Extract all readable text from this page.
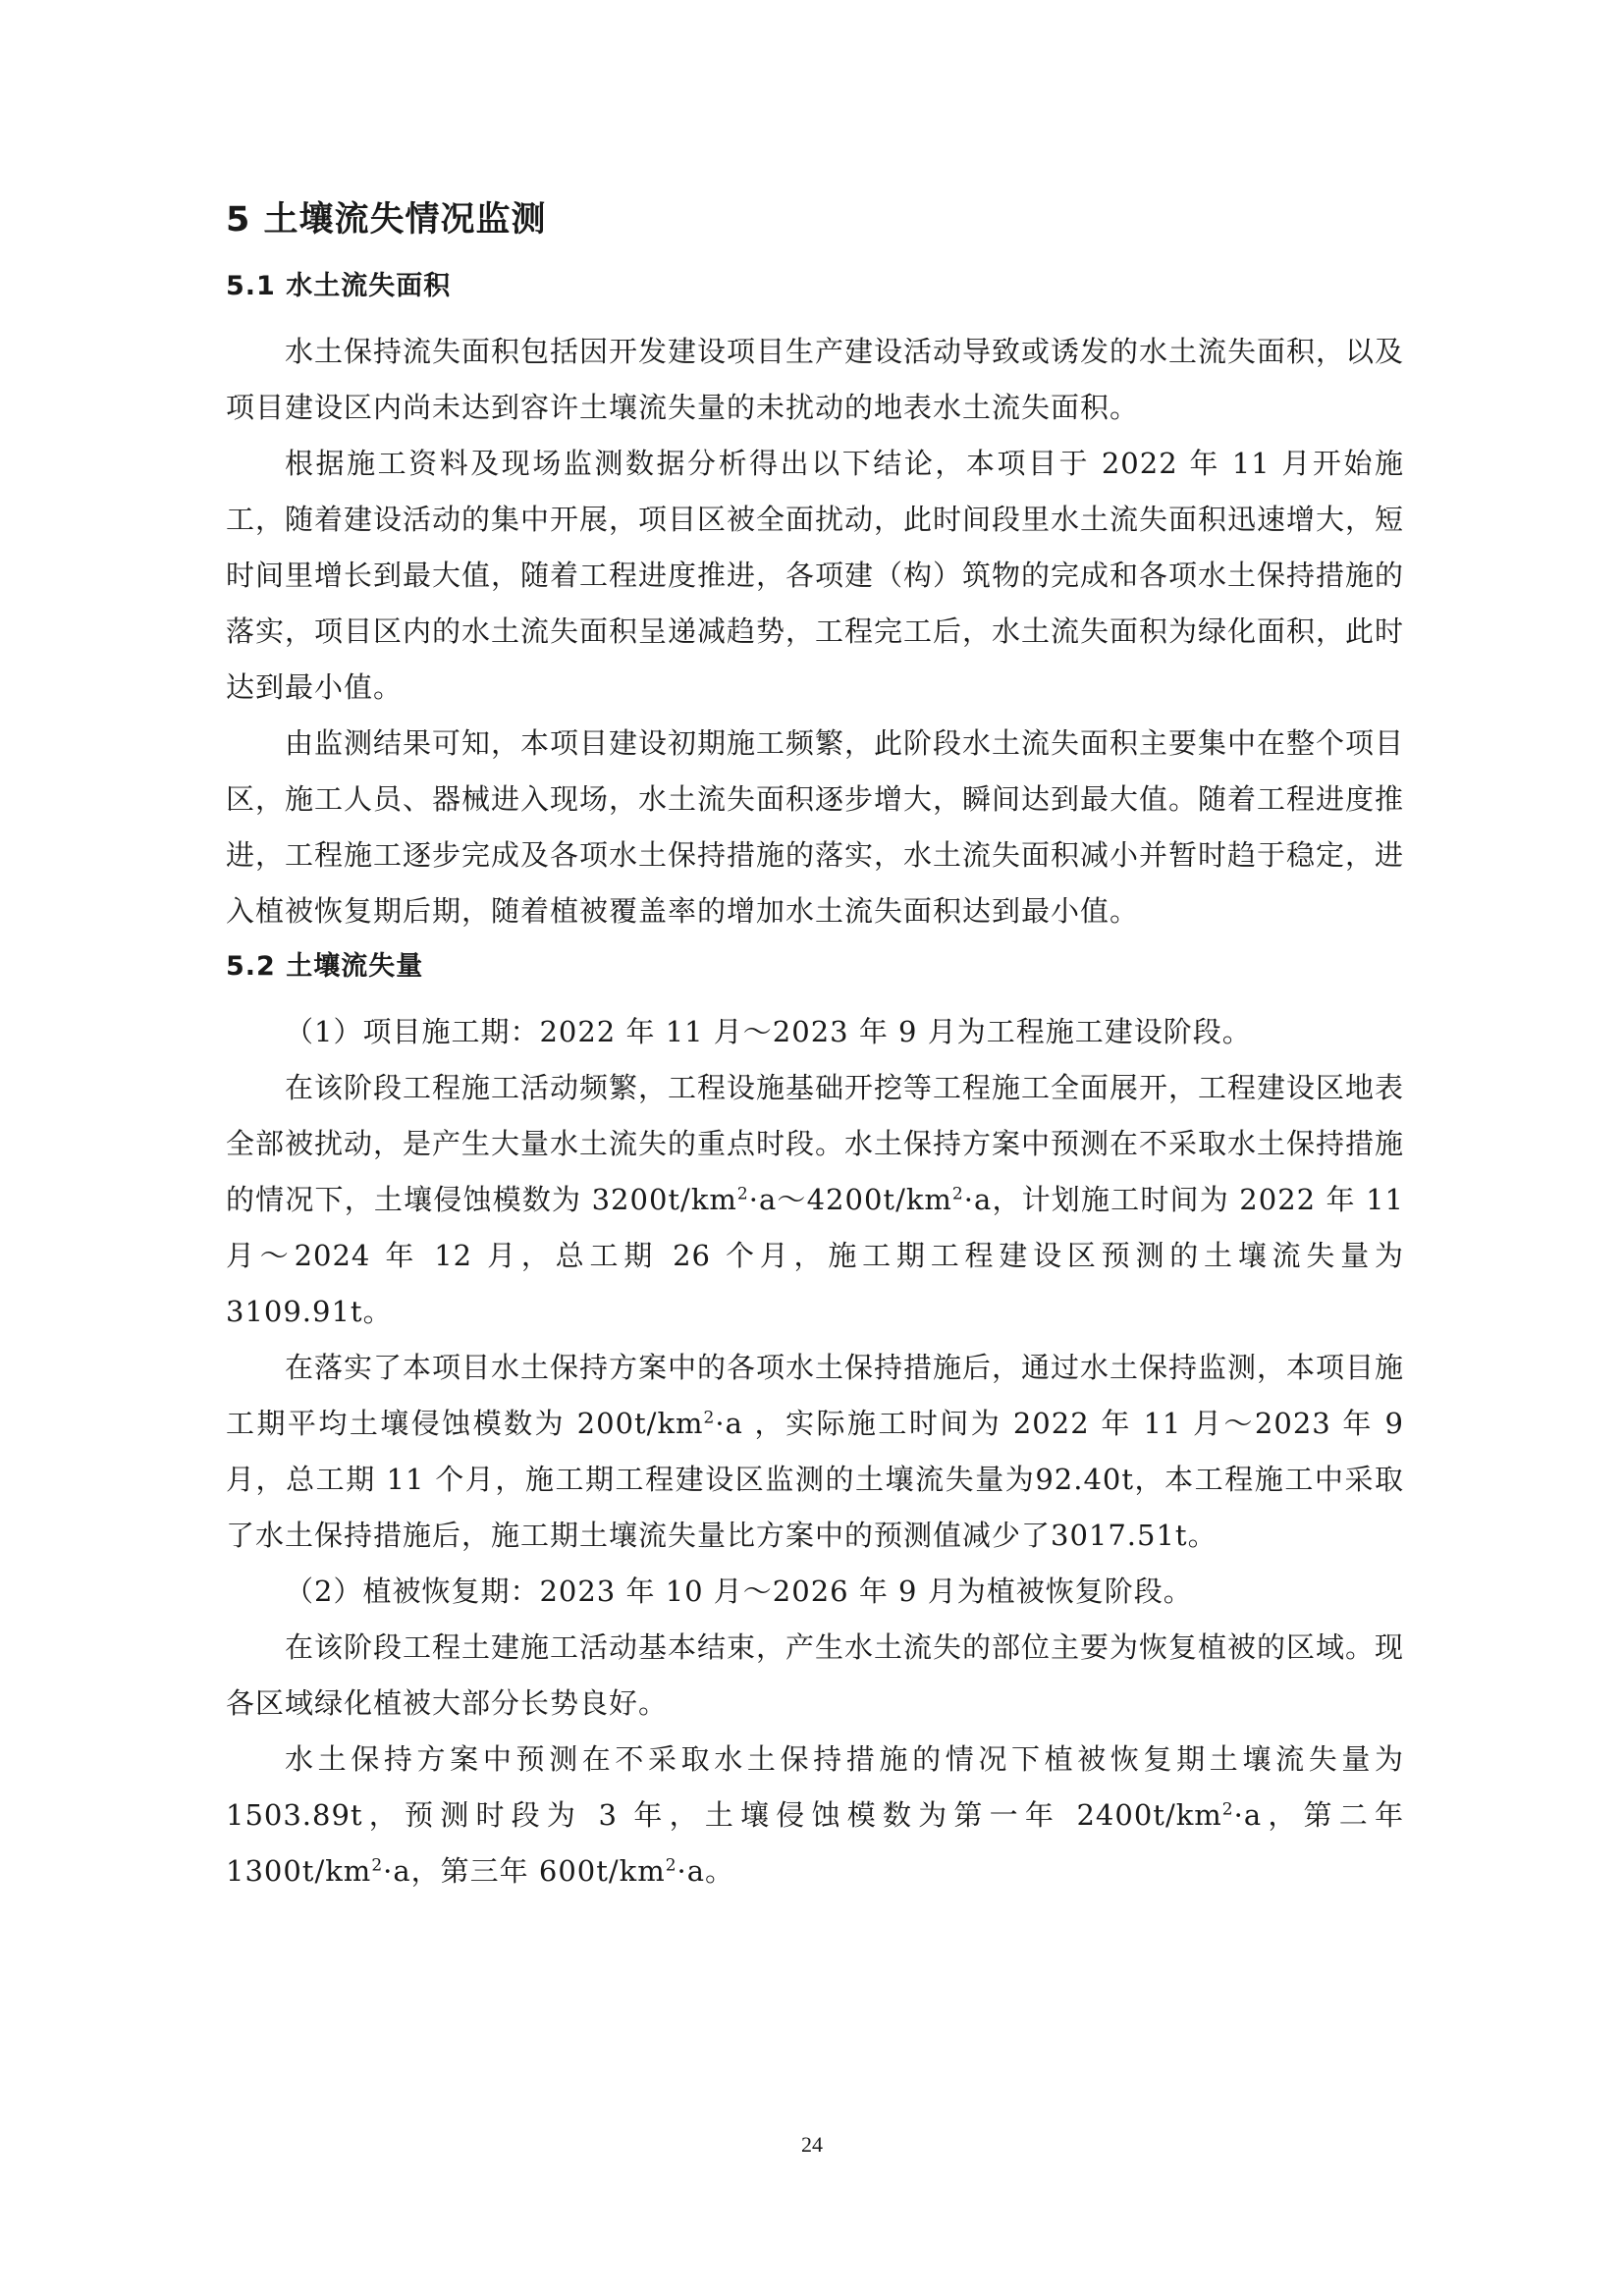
5 土壤流失情况监测
5.1 水土流失面积

水土保持流失面积包括因开发建设项目生产建设活动导致或诱发的水土流失面积，以及项目建设区内尚未达到容许土壤流失量的未扰动的地表水土流失面积。

根据施工资料及现场监测数据分析得出以下结论，本项目于 2022 年 11 月开始施工，随着建设活动的集中开展，项目区被全面扰动，此时间段里水土流失面积迅速增大，短时间里增长到最大值，随着工程进度推进，各项建（构）筑物的完成和各项水土保持措施的落实，项目区内的水土流失面积呈递减趋势，工程完工后，水土流失面积为绿化面积，此时达到最小值。

由监测结果可知，本项目建设初期施工频繁，此阶段水土流失面积主要集中在整个项目区，施工人员、器械进入现场，水土流失面积逐步增大，瞬间达到最大值。随着工程进度推进，工程施工逐步完成及各项水土保持措施的落实，水土流失面积减小并暂时趋于稳定，进入植被恢复期后期，随着植被覆盖率的增加水土流失面积达到最小值。

5.2 土壤流失量

（1）项目施工期：2022 年 11 月～2023 年 9 月为工程施工建设阶段。

在该阶段工程施工活动频繁，工程设施基础开挖等工程施工全面展开，工程建设区地表全部被扰动，是产生大量水土流失的重点时段。水土保持方案中预测在不采取水土保持措施的情况下，土壤侵蚀模数为 $3200t/km^2\cdot a\sim 4200t/km^2\cdot a$，计划施工时间为 2022 年 11 月～2024 年 12 月，总工期 26 个月，施工期工程建设区预测的土壤流失量为3109.91t。

在落实了本项目水土保持方案中的各项水土保持措施后，通过水土保持监测，本项目施工期平均土壤侵蚀模数为 $200t/km^2\cdot a$ ，实际施工时间为 2022 年 11 月～2023 年 9 月，总工期 11 个月，施工期工程建设区监测的土壤流失量为92.40t，本工程施工中采取了水土保持措施后，施工期土壤流失量比方案中的预测值减少了3017.51t。

（2）植被恢复期：2023 年 10 月～2026 年 9 月为植被恢复阶段。

在该阶段工程土建施工活动基本结束，产生水土流失的部位主要为恢复植被的区域。现各区域绿化植被大部分长势良好。

水土保持方案中预测在不采取水土保持措施的情况下植被恢复期土壤流失量为 1503.89t，预测时段为 3 年，土壤侵蚀模数为第一年 $2400t/km^2\cdot a$，第二年 $1300t/km^2\cdot a$，第三年 $600t/km^2\cdot a$。

24
